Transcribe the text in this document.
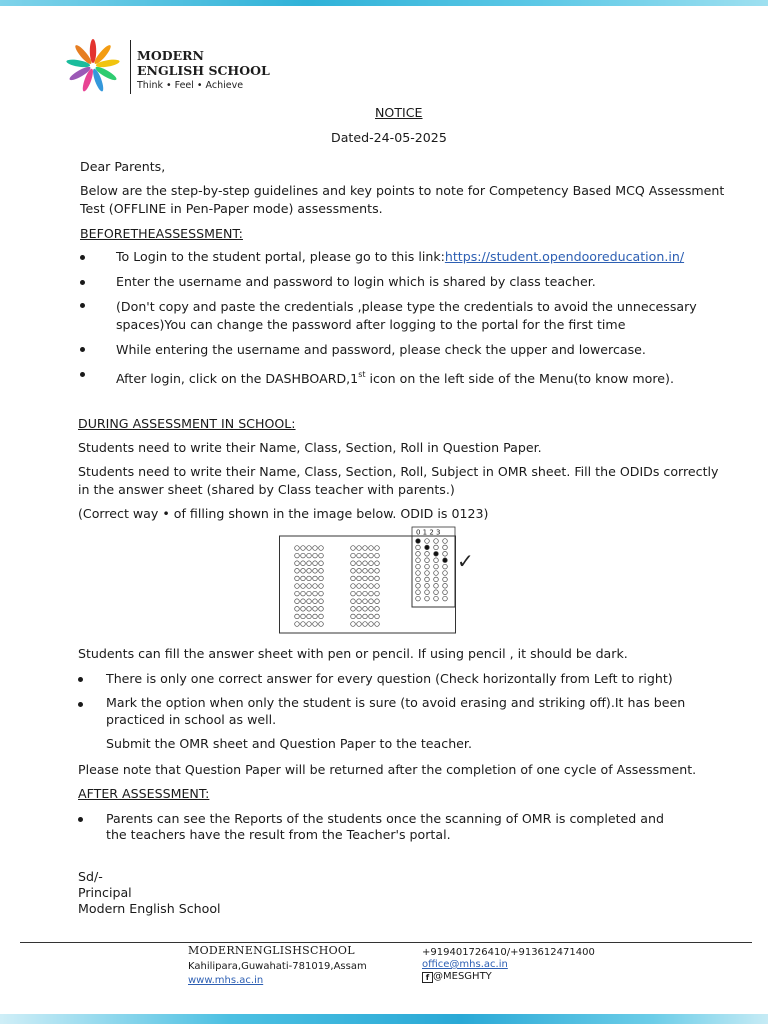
MODERN
ENGLISH SCHOOL
Think • Feel • Achieve
NOTICE
Dated-24-05-2025
Dear Parents,
Below are the step-by-step guidelines and key points to note for Competency Based MCQ Assessment
Test (OFFLINE in Pen-Paper mode) assessments.
BEFORETHEASSESSMENT:
To Login to the student portal, please go to this link:https://student.opendooreducation.in/
Enter the username and password to login which is shared by class teacher.
(Don't copy and paste the credentials ,please type the credentials to avoid the unnecessary
spaces)You can change the password after logging to the portal for the first time
While entering the username and password, please check the upper and lowercase.
After login, click on the DASHBOARD,1st icon on the left side of the Menu(to know more).
DURING ASSESSMENT IN SCHOOL:
Students need to write their Name, Class, Section, Roll in Question Paper.
Students need to write their Name, Class, Section, Roll, Subject in OMR sheet. Fill the ODIDs correctly
in the answer sheet (shared by Class teacher with parents.)
(Correct way • of filling shown in the image below. ODID is 0123)
0 1 2 3
✓
Students can fill the answer sheet with pen or pencil. If using pencil , it should be dark.
There is only one correct answer for every question (Check horizontally from Left to right)
Mark the option when only the student is sure (to avoid erasing and striking off).It has been
practiced in school as well.
Submit the OMR sheet and Question Paper to the teacher.
Please note that Question Paper will be returned after the completion of one cycle of Assessment.
AFTER ASSESSMENT:
Parents can see the Reports of the students once the scanning of OMR is completed and
the teachers have the result from the Teacher's portal.
Sd/-
Principal
Modern English School
MODERNENGLISHSCHOOL
Kahilipara,Guwahati-781019,Assam
www.mhs.ac.in
+919401726410/+913612471400
office@mhs.ac.in
f @MESGHTY
